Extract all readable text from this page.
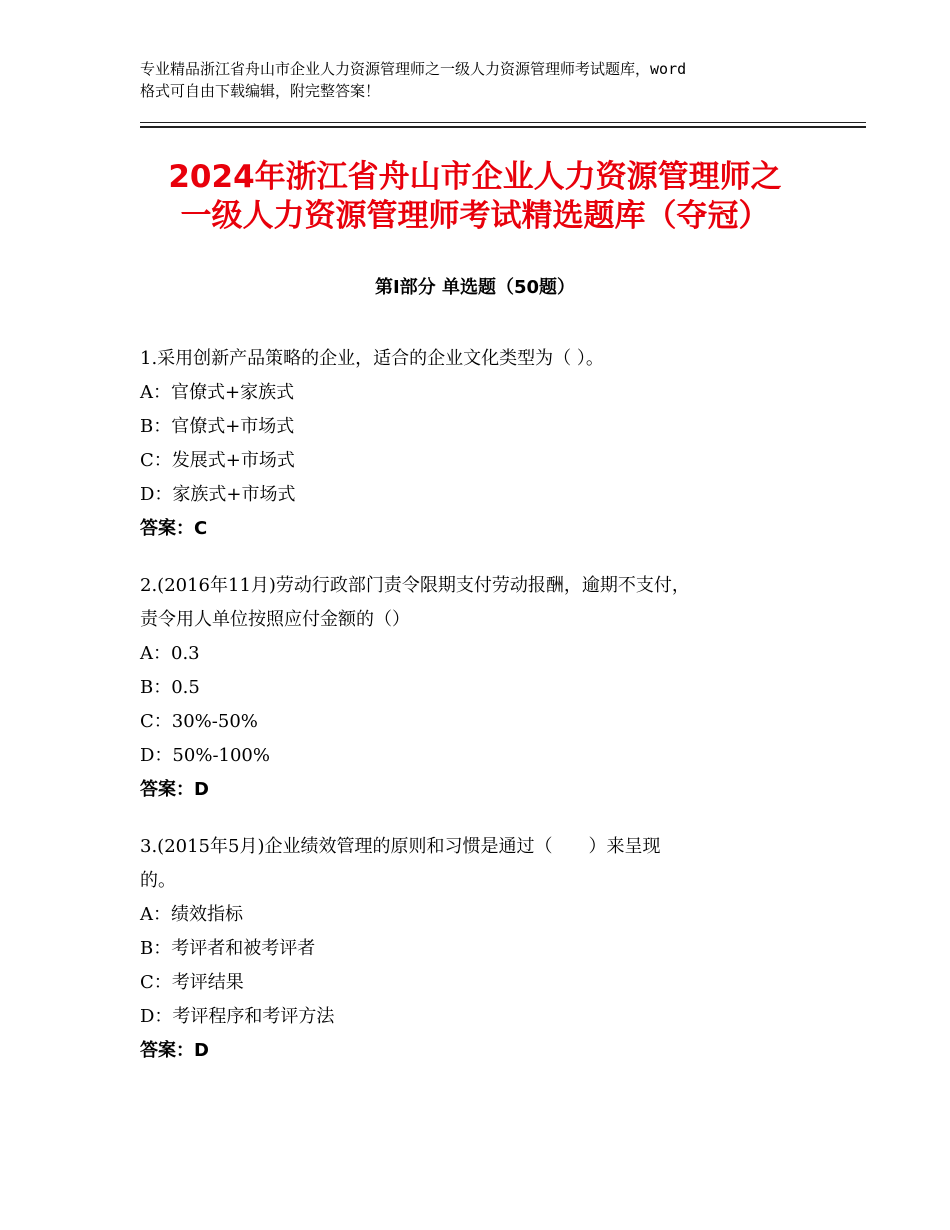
专业精品浙江省舟山市企业人力资源管理师之一级人力资源管理师考试题库，word
格式可自由下载编辑，附完整答案！
2024年浙江省舟山市企业人力资源管理师之
一级人力资源管理师考试精选题库（夺冠）
第Ⅰ部分 单选题（50题）
1.采用创新产品策略的企业，适合的企业文化类型为（ ）。
A：官僚式+家族式
B：官僚式+市场式
C：发展式+市场式
D：家族式+市场式
答案：C
2.(2016年11月)劳动行政部门责令限期支付劳动报酬，逾期不支付，
责令用人单位按照应付金额的（）
A：0.3
B：0.5
C：30%-50%
D：50%-100%
答案：D
3.(2015年5月)企业绩效管理的原则和习惯是通过（　　）来呈现
的。
A：绩效指标
B：考评者和被考评者
C：考评结果
D：考评程序和考评方法
答案：D
